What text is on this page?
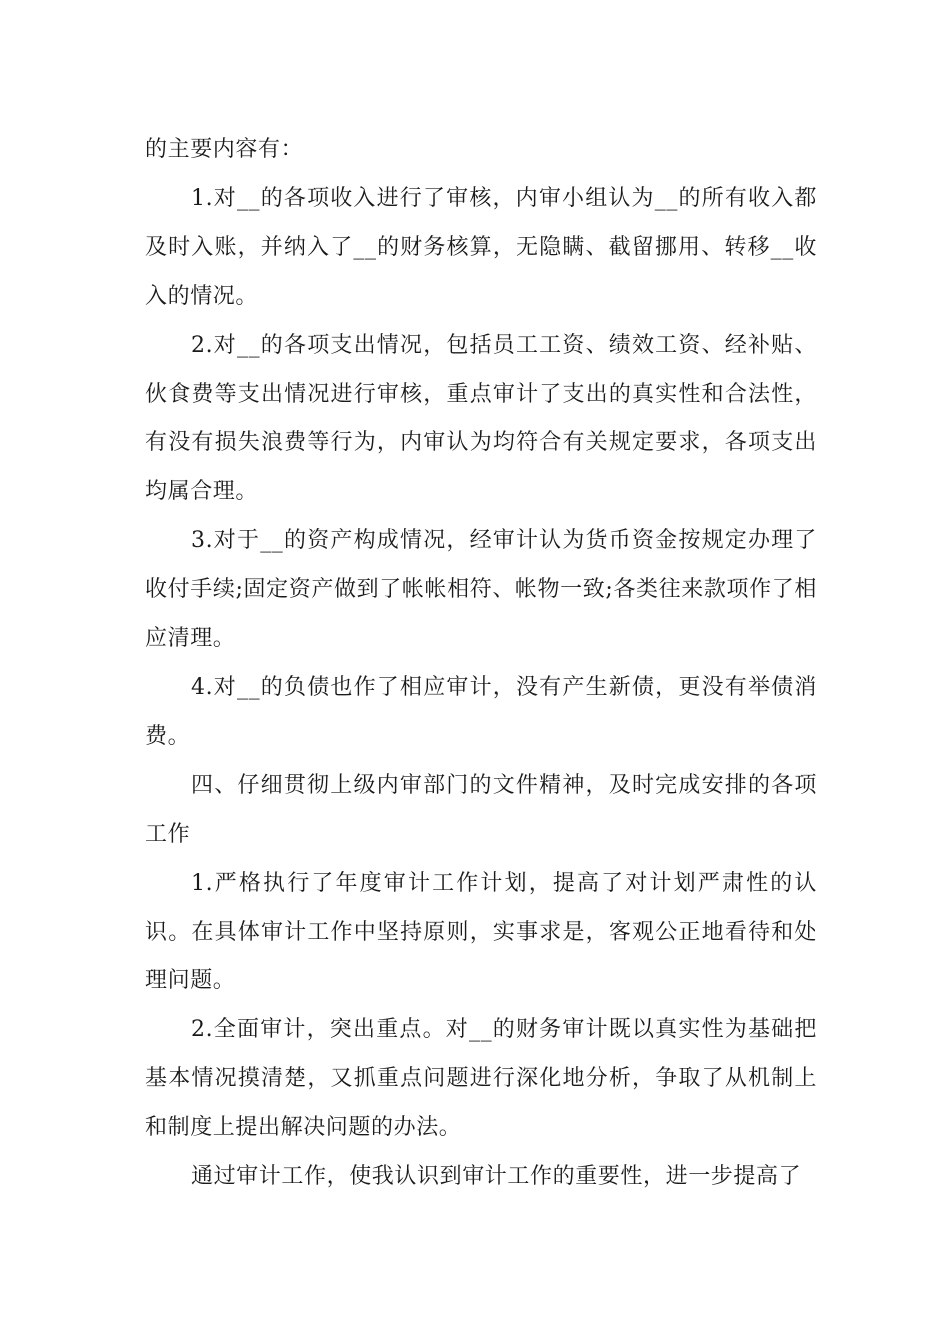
的主要内容有：

1.对__的各项收入进行了审核，内审小组认为__的所有收入都及时入账，并纳入了__的财务核算，无隐瞒、截留挪用、转移__收入的情况。

2.对__的各项支出情况，包括员工工资、绩效工资、经补贴、伙食费等支出情况进行审核，重点审计了支出的真实性和合法性，有没有损失浪费等行为，内审认为均符合有关规定要求，各项支出均属合理。

3.对于__的资产构成情况，经审计认为货币资金按规定办理了收付手续;固定资产做到了帐帐相符、帐物一致;各类往来款项作了相应清理。

4.对__的负债也作了相应审计，没有产生新债，更没有举债消费。

四、仔细贯彻上级内审部门的文件精神，及时完成安排的各项工作

1.严格执行了年度审计工作计划，提高了对计划严肃性的认识。在具体审计工作中坚持原则，实事求是，客观公正地看待和处理问题。

2.全面审计，突出重点。对__的财务审计既以真实性为基础把基本情况摸清楚，又抓重点问题进行深化地分析，争取了从机制上和制度上提出解决问题的办法。

通过审计工作，使我认识到审计工作的重要性，进一步提高了
